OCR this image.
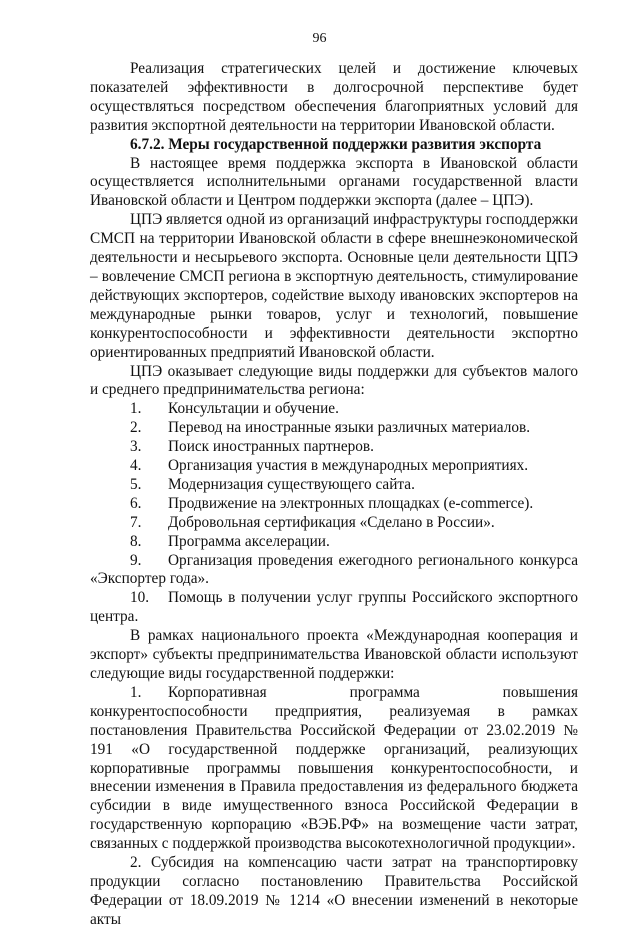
96

Реализация стратегических целей и достижение ключевых показателей эффективности в долгосрочной перспективе будет осуществляться посредством обеспечения благоприятных условий для развития экспортной деятельности на территории Ивановской области.

6.7.2. Меры государственной поддержки развития экспорта

В настоящее время поддержка экспорта в Ивановской области осуществляется исполнительными органами государственной власти Ивановской области и Центром поддержки экспорта (далее – ЦПЭ).

ЦПЭ является одной из организаций инфраструктуры господдержки СМСП на территории Ивановской области в сфере внешнеэкономической деятельности и несырьевого экспорта. Основные цели деятельности ЦПЭ – вовлечение СМСП региона в экспортную деятельность, стимулирование действующих экспортеров, содействие выходу ивановских экспортеров на международные рынки товаров, услуг и технологий, повышение конкурентоспособности и эффективности деятельности экспортно ориентированных предприятий Ивановской области.

ЦПЭ оказывает следующие виды поддержки для субъектов малого и среднего предпринимательства региона:

1. Консультации и обучение.

2. Перевод на иностранные языки различных материалов.

3. Поиск иностранных партнеров.

4. Организация участия в международных мероприятиях.

5. Модернизация существующего сайта.

6. Продвижение на электронных площадках (e-commerce).

7. Добровольная сертификация «Сделано в России».

8. Программа акселерации.

9. Организация проведения ежегодного регионального конкурса «Экспортер года».

10. Помощь в получении услуг группы Российского экспортного центра.

В рамках национального проекта «Международная кооперация и экспорт» субъекты предпринимательства Ивановской области используют следующие виды государственной поддержки:

1. Корпоративная программа повышения конкурентоспособности предприятия, реализуемая в рамках постановления Правительства Российской Федерации от 23.02.2019 № 191 «О государственной поддержке организаций, реализующих корпоративные программы повышения конкурентоспособности, и внесении изменения в Правила предоставления из федерального бюджета субсидии в виде имущественного взноса Российской Федерации в государственную корпорацию «ВЭБ.РФ» на возмещение части затрат, связанных с поддержкой производства высокотехнологичной продукции».

2. Субсидия на компенсацию части затрат на транспортировку продукции согласно постановлению Правительства Российской Федерации от 18.09.2019 № 1214 «О внесении изменений в некоторые акты
